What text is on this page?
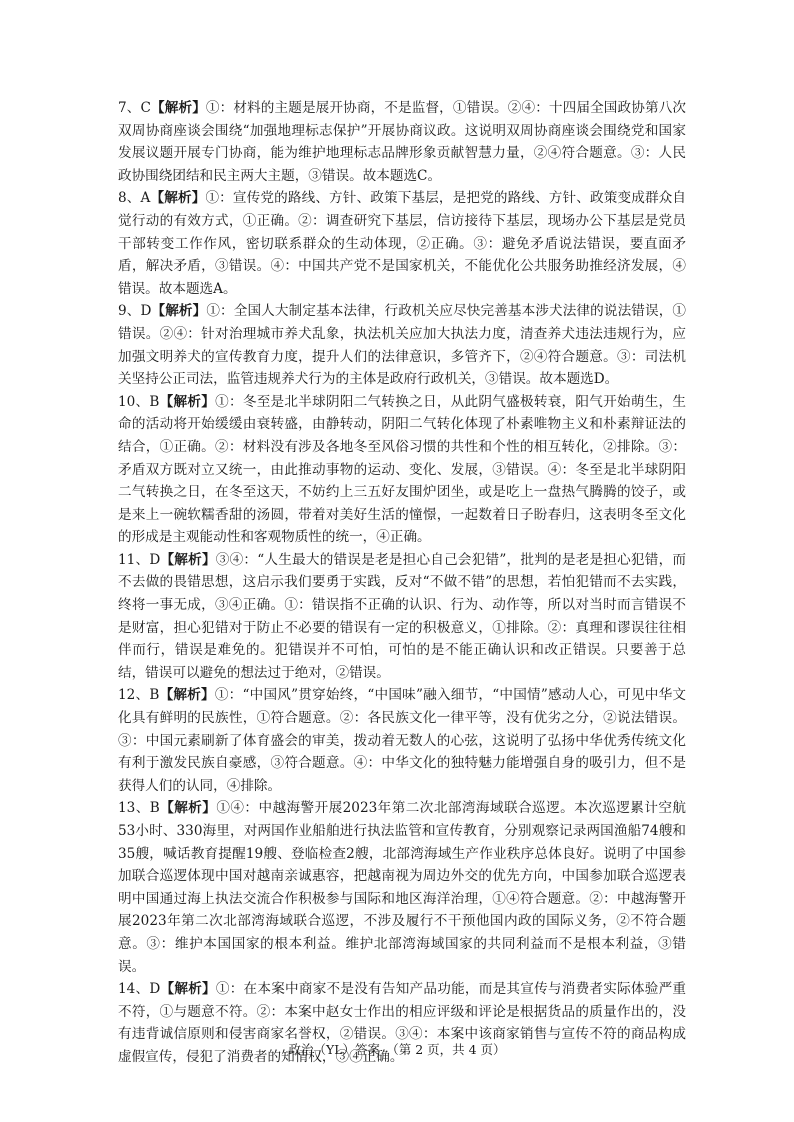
7、C【解析】①：材料的主题是展开协商，不是监督，①错误。②④：十四届全国政协第八次双周协商座谈会围绕“加强地理标志保护”开展协商议政。这说明双周协商座谈会围绕党和国家发展议题开展专门协商，能为维护地理标志品牌形象贡献智慧力量，②④符合题意。③：人民政协围绕团结和民主两大主题，③错误。故本题选C。

8、A【解析】①：宣传党的路线、方针、政策下基层，是把党的路线、方针、政策变成群众自觉行动的有效方式，①正确。②：调查研究下基层，信访接待下基层，现场办公下基层是党员干部转变工作作风，密切联系群众的生动体现，②正确。③：避免矛盾说法错误，要直面矛盾，解决矛盾，③错误。④：中国共产党不是国家机关，不能优化公共服务助推经济发展，④错误。故本题选A。

9、D【解析】①：全国人大制定基本法律，行政机关应尽快完善基本涉犬法律的说法错误，①错误。②④：针对治理城市养犬乱象，执法机关应加大执法力度，清查养犬违法违规行为，应加强文明养犬的宣传教育力度，提升人们的法律意识，多管齐下，②④符合题意。③：司法机关坚持公正司法，监管违规养犬行为的主体是政府行政机关，③错误。故本题选D。

10、B【解析】①：冬至是北半球阴阳二气转换之日，从此阴气盛极转衰，阳气开始萌生，生命的活动将开始缓缓由衰转盛，由静转动，阴阳二气转化体现了朴素唯物主义和朴素辩证法的结合，①正确。②：材料没有涉及各地冬至风俗习惯的共性和个性的相互转化，②排除。③：矛盾双方既对立又统一，由此推动事物的运动、变化、发展，③错误。④：冬至是北半球阴阳二气转换之日，在冬至这天，不妨约上三五好友围炉团坐，或是吃上一盘热气腾腾的饺子，或是来上一碗软糯香甜的汤圆，带着对美好生活的憧憬，一起数着日子盼春归，这表明冬至文化的形成是主观能动性和客观物质性的统一，④正确。

11、D【解析】③④：“人生最大的错误是老是担心自己会犯错”，批判的是老是担心犯错，而不去做的畏错思想，这启示我们要勇于实践，反对“不做不错”的思想，若怕犯错而不去实践，终将一事无成，③④正确。①：错误指不正确的认识、行为、动作等，所以对当时而言错误不是财富，担心犯错对于防止不必要的错误有一定的积极意义，①排除。②：真理和谬误往往相伴而行，错误是难免的。犯错误并不可怕，可怕的是不能正确认识和改正错误。只要善于总结，错误可以避免的想法过于绝对，②错误。

12、B【解析】①：“中国风”贯穿始终，“中国味”融入细节，“中国情”感动人心，可见中华文化具有鲜明的民族性，①符合题意。②：各民族文化一律平等，没有优劣之分，②说法错误。③：中国元素刷新了体育盛会的审美，拨动着无数人的心弦，这说明了弘扬中华优秀传统文化有利于激发民族自豪感，③符合题意。④：中华文化的独特魅力能增强自身的吸引力，但不是获得人们的认同，④排除。

13、B【解析】①④：中越海警开展2023年第二次北部湾海域联合巡逻。本次巡逻累计空航53小时、330海里，对两国作业船舶进行执法监管和宣传教育，分别观察记录两国渔船74艘和35艘，喊话教育提醒19艘、登临检查2艘，北部湾海域生产作业秩序总体良好。说明了中国参加联合巡逻体现中国对越南亲诚惠容，把越南视为周边外交的优先方向，中国参加联合巡逻表明中国通过海上执法交流合作积极参与国际和地区海洋治理，①④符合题意。②：中越海警开展2023年第二次北部湾海域联合巡逻，不涉及履行不干预他国内政的国际义务，②不符合题意。③：维护本国国家的根本利益。维护北部湾海域国家的共同利益而不是根本利益，③错误。

14、D【解析】①：在本案中商家不是没有告知产品功能，而是其宣传与消费者实际体验严重不符，①与题意不符。②：本案中赵女士作出的相应评级和评论是根据货品的质量作出的，没有违背诚信原则和侵害商家名誉权，②错误。③④：本案中该商家销售与宣传不符的商品构成虚假宣传，侵犯了消费者的知情权，③④正确。

政治（YL）答案　（第 2 页，共 4 页）
